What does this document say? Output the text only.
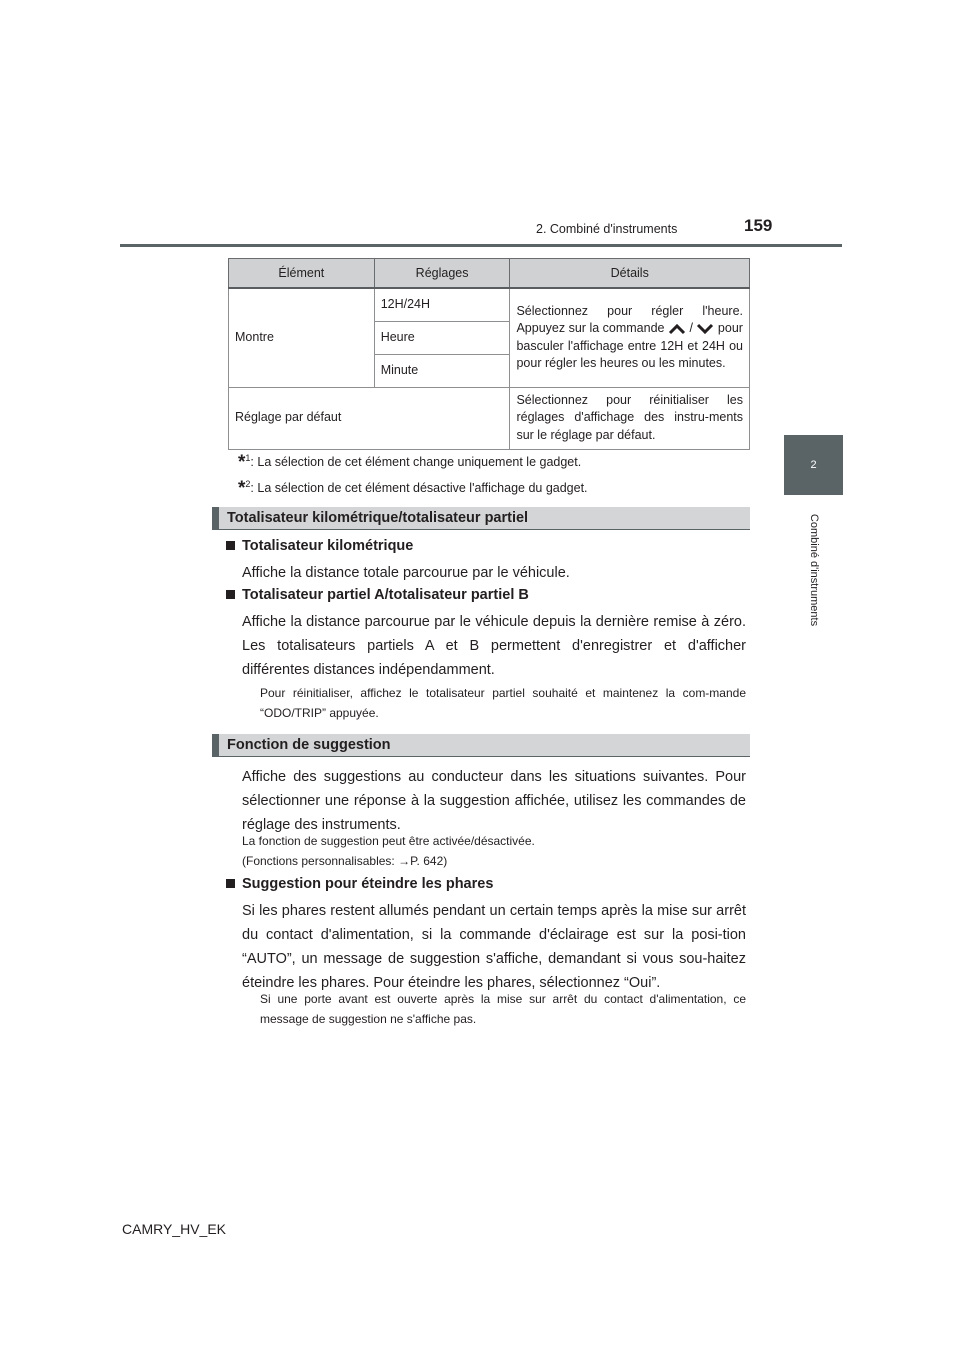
2. Combiné d'instruments	159
2
Combiné d'instruments
Élément	Réglages	Détails
Montre	12H/24H	Sélectionnez pour régler l'heure. Appuyez sur la commande / pour basculer l'affichage entre 12H et 24H ou pour régler les heures ou les minutes.
	Heure	
	Minute	
Réglage par défaut		Sélectionnez pour réinitialiser les réglages d'affichage des instru-ments sur le réglage par défaut.
*$^1$: La sélection de cet élément change uniquement le gadget.
*$^2$: La sélection de cet élément désactive l'affichage du gadget.
Totalisateur kilométrique/totalisateur partiel
Totalisateur kilométrique
Affiche la distance totale parcourue par le véhicule.
Totalisateur partiel A/totalisateur partiel B
Affiche la distance parcourue par le véhicule depuis la dernière remise à zéro. Les totalisateurs partiels A et B permettent d'enregistrer et d'afficher différentes distances indépendamment.
Pour réinitialiser, affichez le totalisateur partiel souhaité et maintenez la com-mande “ODO/TRIP” appuyée.
Fonction de suggestion
Affiche des suggestions au conducteur dans les situations suivantes. Pour sélectionner une réponse à la suggestion affichée, utilisez les commandes de réglage des instruments.
La fonction de suggestion peut être activée/désactivée.
(Fonctions personnalisables: →P. 642)
Suggestion pour éteindre les phares
Si les phares restent allumés pendant un certain temps après la mise sur arrêt du contact d'alimentation, si la commande d'éclairage est sur la posi-tion “AUTO”, un message de suggestion s'affiche, demandant si vous sou-haitez éteindre les phares. Pour éteindre les phares, sélectionnez “Oui”.
Si une porte avant est ouverte après la mise sur arrêt du contact d'alimentation, ce message de suggestion ne s'affiche pas.
CAMRY_HV_EK
